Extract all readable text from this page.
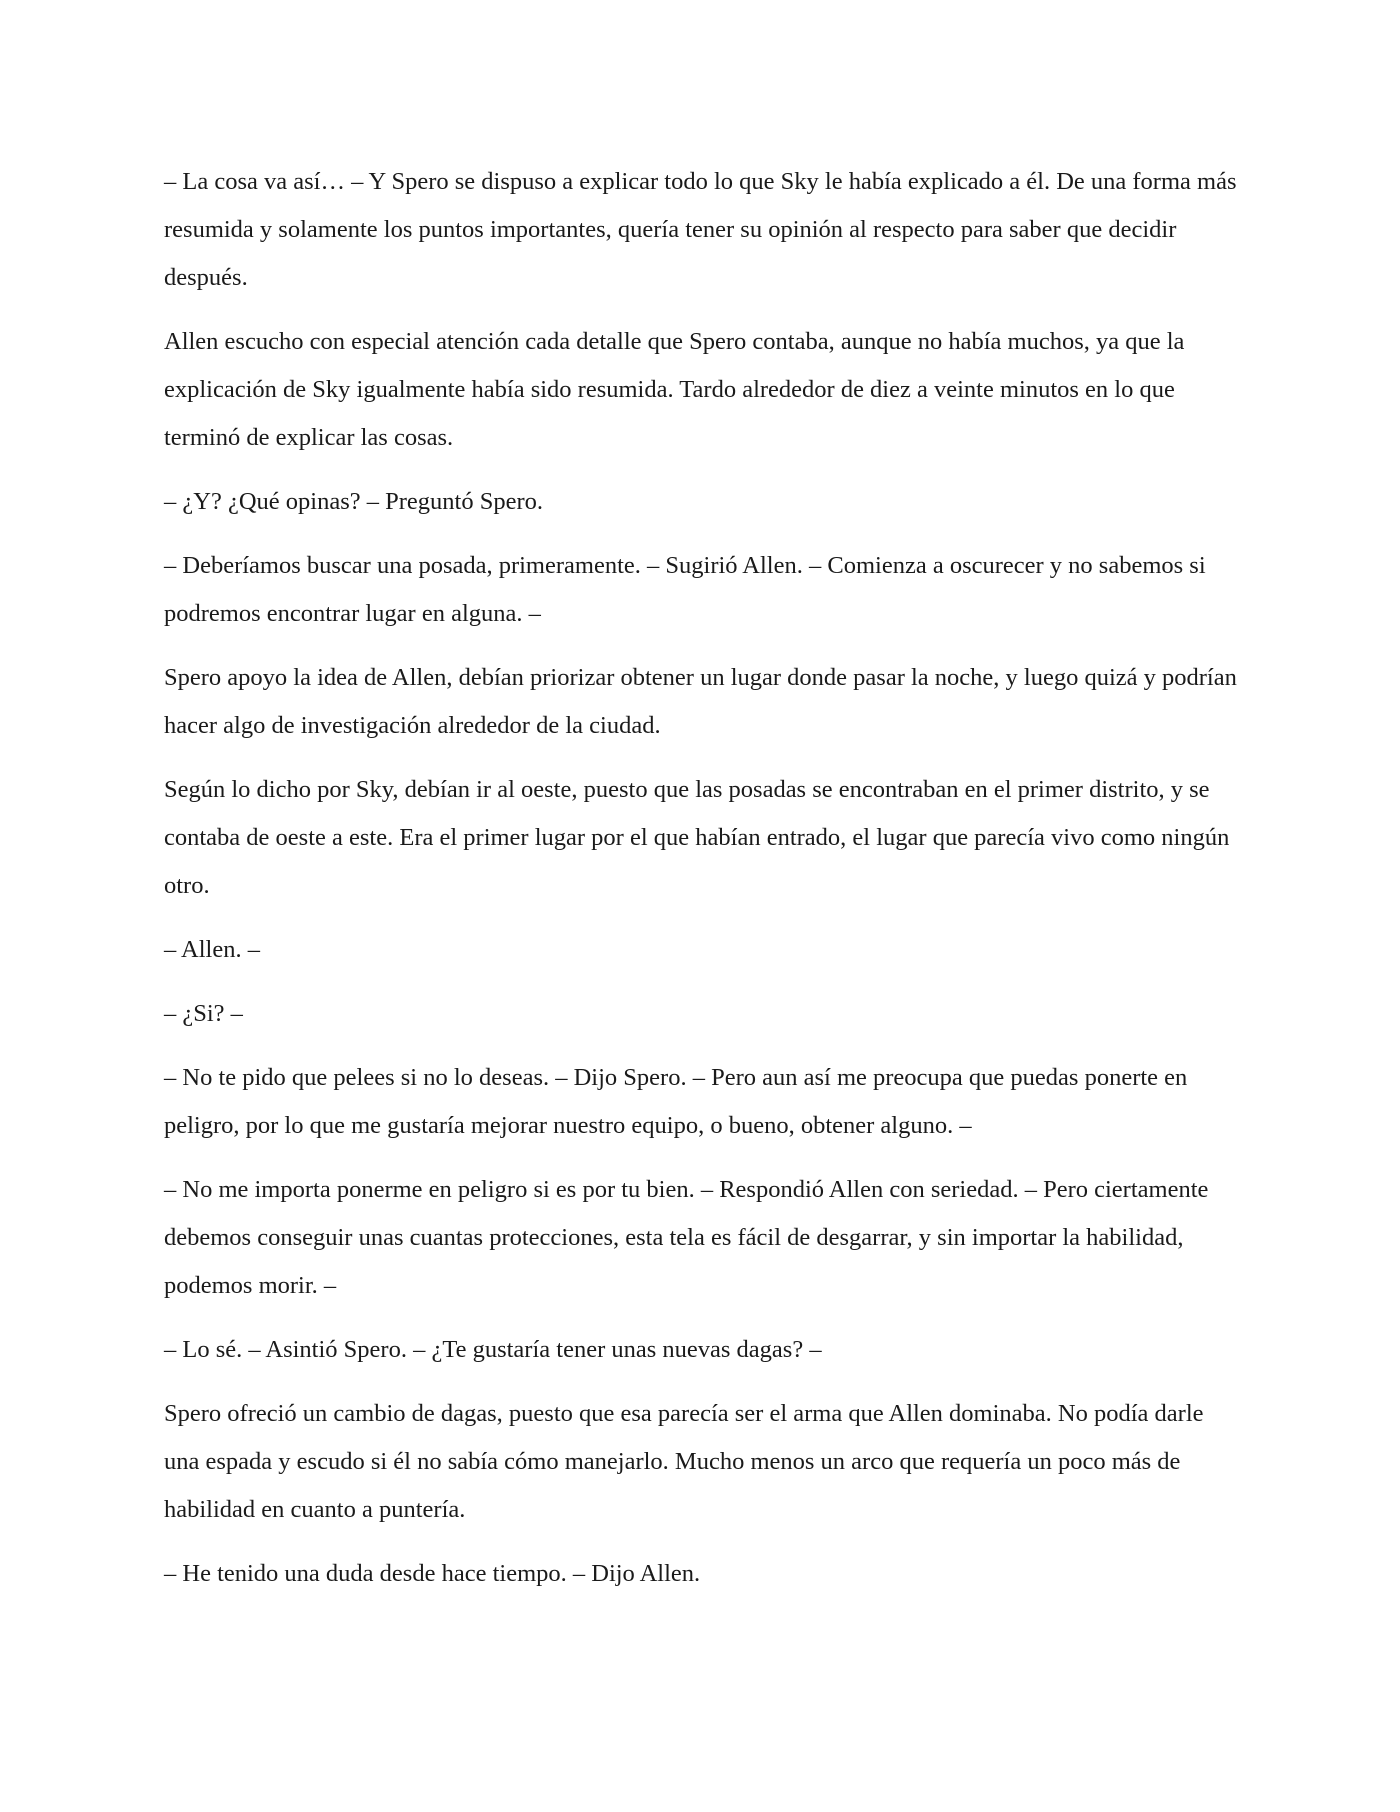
– La cosa va así… – Y Spero se dispuso a explicar todo lo que Sky le había explicado a él. De una forma más resumida y solamente los puntos importantes, quería tener su opinión al respecto para saber que decidir después.

Allen escucho con especial atención cada detalle que Spero contaba, aunque no había muchos, ya que la explicación de Sky igualmente había sido resumida. Tardo alrededor de diez a veinte minutos en lo que terminó de explicar las cosas.

– ¿Y? ¿Qué opinas? – Preguntó Spero.

– Deberíamos buscar una posada, primeramente. – Sugirió Allen. – Comienza a oscurecer y no sabemos si podremos encontrar lugar en alguna. –

Spero apoyo la idea de Allen, debían priorizar obtener un lugar donde pasar la noche, y luego quizá y podrían hacer algo de investigación alrededor de la ciudad.

Según lo dicho por Sky, debían ir al oeste, puesto que las posadas se encontraban en el primer distrito, y se contaba de oeste a este. Era el primer lugar por el que habían entrado, el lugar que parecía vivo como ningún otro.

– Allen. –

– ¿Si? –

– No te pido que pelees si no lo deseas. – Dijo Spero. – Pero aun así me preocupa que puedas ponerte en peligro, por lo que me gustaría mejorar nuestro equipo, o bueno, obtener alguno. –

– No me importa ponerme en peligro si es por tu bien. – Respondió Allen con seriedad. – Pero ciertamente debemos conseguir unas cuantas protecciones, esta tela es fácil de desgarrar, y sin importar la habilidad, podemos morir. –

– Lo sé. – Asintió Spero. – ¿Te gustaría tener unas nuevas dagas? –

Spero ofreció un cambio de dagas, puesto que esa parecía ser el arma que Allen dominaba. No podía darle una espada y escudo si él no sabía cómo manejarlo. Mucho menos un arco que requería un poco más de habilidad en cuanto a puntería.

– He tenido una duda desde hace tiempo. – Dijo Allen.
